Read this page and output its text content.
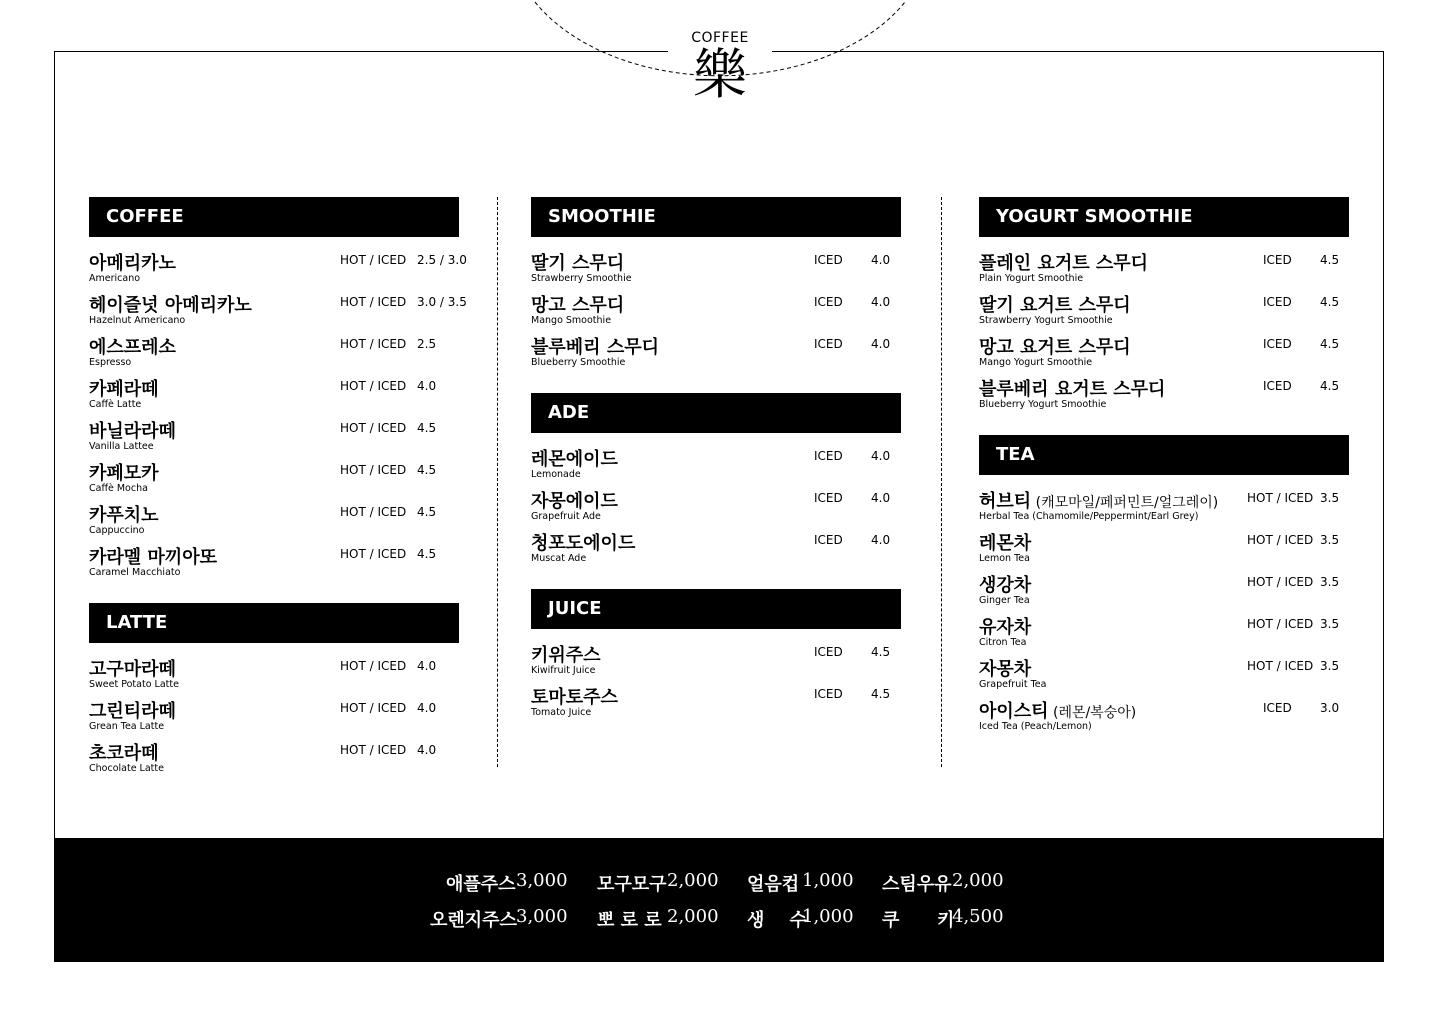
COFFEE
樂
COFFEE
아메리카노
Americano
HOT / ICED 2.5 / 3.0
헤이즐넛 아메리카노
Hazelnut Americano
HOT / ICED 3.0 / 3.5
에스프레소
Espresso
HOT / ICED 2.5
카페라떼
Caffè Latte
HOT / ICED 4.0
바닐라라떼
Vanilla Lattee
HOT / ICED 4.5
카페모카
Caffè Mocha
HOT / ICED 4.5
카푸치노
Cappuccino
HOT / ICED 4.5
카라멜 마끼아또
Caramel Macchiato
HOT / ICED 4.5
LATTE
고구마라떼
Sweet Potato Latte
HOT / ICED 4.0
그린티라떼
Grean Tea Latte
HOT / ICED 4.0
초코라떼
Chocolate Latte
HOT / ICED 4.0
SMOOTHIE
딸기 스무디
Strawberry Smoothie
ICED 4.0
망고 스무디
Mango Smoothie
ICED 4.0
블루베리 스무디
Blueberry Smoothie
ICED 4.0
ADE
레몬에이드
Lemonade
ICED 4.0
자몽에이드
Grapefruit Ade
ICED 4.0
청포도에이드
Muscat Ade
ICED 4.0
JUICE
키위주스
Kiwifruit Juice
ICED 4.5
토마토주스
Tomato Juice
ICED 4.5
YOGURT SMOOTHIE
플레인 요거트 스무디
Plain Yogurt Smoothie
ICED 4.5
딸기 요거트 스무디
Strawberry Yogurt Smoothie
ICED 4.5
망고 요거트 스무디
Mango Yogurt Smoothie
ICED 4.5
블루베리 요거트 스무디
Blueberry Yogurt Smoothie
ICED 4.5
TEA
허브티 (캐모마일/페퍼민트/얼그레이)
Herbal Tea (Chamomile/Peppermint/Earl Grey)
HOT / ICED 3.5
레몬차
Lemon Tea
HOT / ICED 3.5
생강차
Ginger Tea
HOT / ICED 3.5
유자차
Citron Tea
HOT / ICED 3.5
자몽차
Grapefruit Tea
HOT / ICED 3.5
아이스티 (레몬/복숭아)
Iced Tea (Peach/Lemon)
ICED 3.0
애플주스 3,000 모구모구 2,000 얼음컵 1,000 스팀우유 2,000
오렌지주스 3,000 뽀 로 로 2,000 생    수
1,000 쿠      키
4,500
